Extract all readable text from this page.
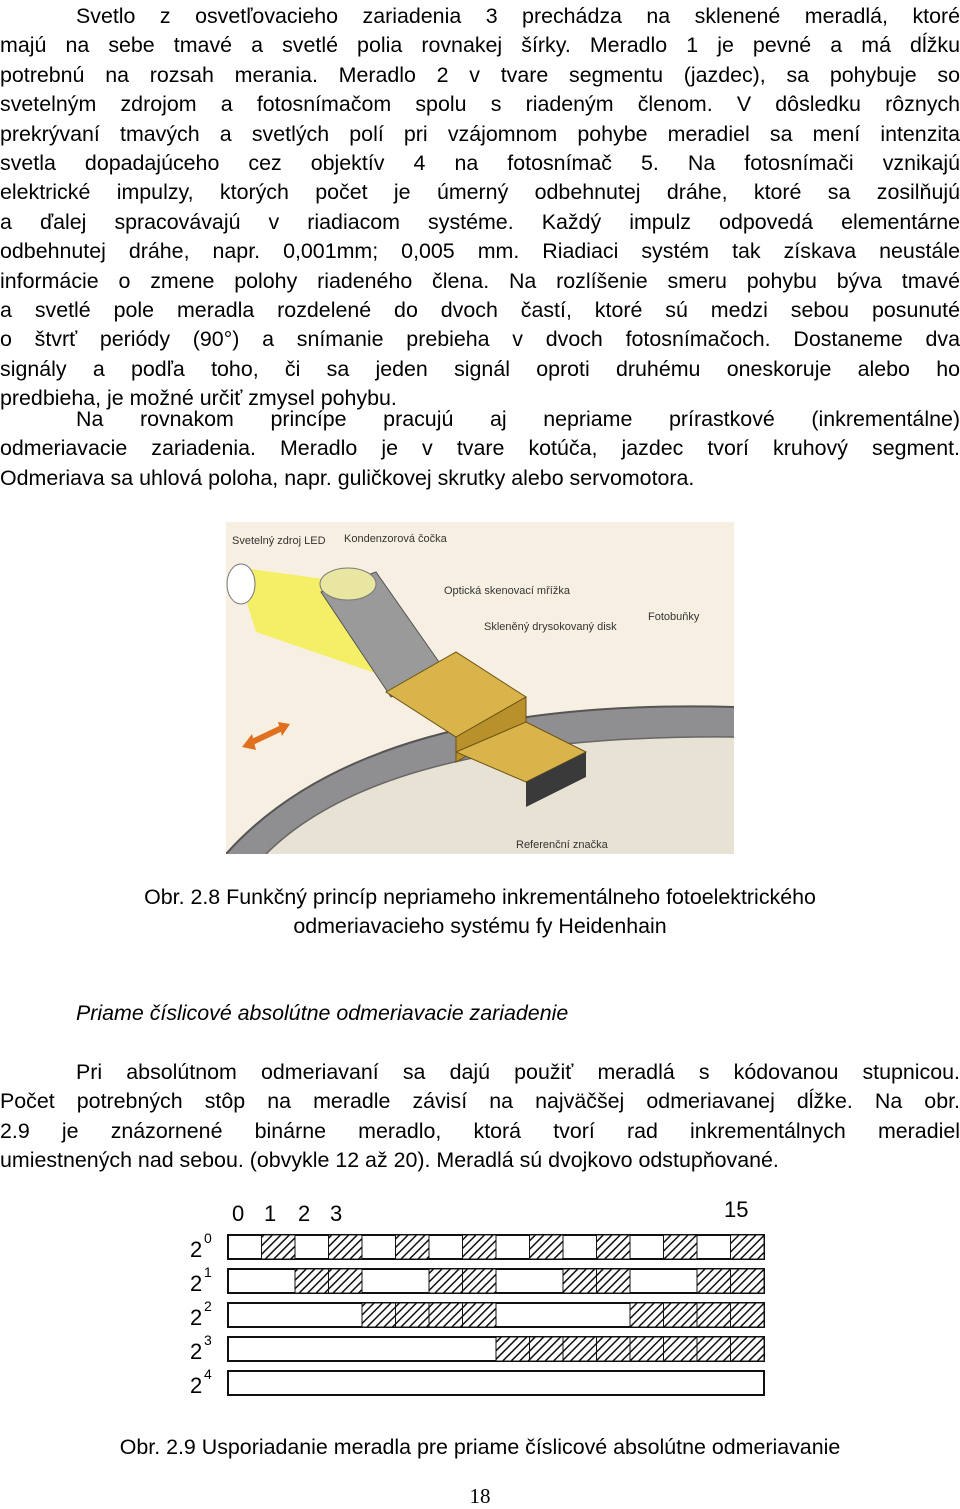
Svetlo z osvetľovacieho zariadenia 3 prechádza na sklenené meradlá, ktoré
majú na sebe tmavé a svetlé polia rovnakej šírky. Meradlo 1 je pevné a má dĺžku
potrebnú na rozsah merania. Meradlo 2 v tvare segmentu (jazdec), sa pohybuje so
svetelným zdrojom a fotosnímačom spolu s riadeným členom. V dôsledku rôznych
prekrývaní tmavých a svetlých polí pri vzájomnom pohybe meradiel sa mení intenzita
svetla dopadajúceho cez objektív 4 na fotosnímač 5. Na fotosnímači vznikajú
elektrické impulzy, ktorých počet je úmerný odbehnutej dráhe, ktoré sa zosilňujú
a ďalej spracovávajú v riadiacom systéme. Každý impulz odpovedá elementárne
odbehnutej dráhe, napr. 0,001mm; 0,005 mm. Riadiaci systém tak získava neustále
informácie o zmene polohy riadeného člena. Na rozlíšenie smeru pohybu býva tmavé
a svetlé pole meradla rozdelené do dvoch častí, ktoré sú medzi sebou posunuté
o štvrť periódy (90°) a snímanie prebieha v dvoch fotosnímačoch. Dostaneme dva
signály a podľa toho, či sa jeden signál oproti druhému oneskoruje alebo ho
predbieha, je možné určiť zmysel pohybu.
Na rovnakom princípe pracujú aj nepriame prírastkové (inkrementálne)
odmeriavacie zariadenia. Meradlo je v tvare kotúča, jazdec tvorí kruhový segment.
Odmeriava sa uhlová poloha, napr. guličkovej skrutky alebo servomotora.
Svetelný zdroj LED Kondenzorová čočka
Optická skenovací mřížka
Skleněný drysokovaný disk
Fotobuňky
Referenční značka
Obr. 2.8 Funkčný princíp nepriameho inkrementálneho fotoelektrického
odmeriavacieho systému fy Heidenhain
Priame číslicové absolútne odmeriavacie zariadenie
Pri absolútnom odmeriavaní sa dajú použiť meradlá s kódovanou stupnicou.
Počet potrebných stôp na meradle závisí na najväčšej odmeriavanej dĺžke. Na obr.
2.9 je znázornené binárne meradlo, ktorá tvorí rad inkrementálnych meradiel
umiestnených nad sebou. (obvykle 12 až 20). Meradlá sú dvojkovo odstupňované.
0 1 2 3	15
2 0
2 1
2 2
2 3
2 4
Obr. 2.9 Usporiadanie meradla pre priame číslicové absolútne odmeriavanie
18
